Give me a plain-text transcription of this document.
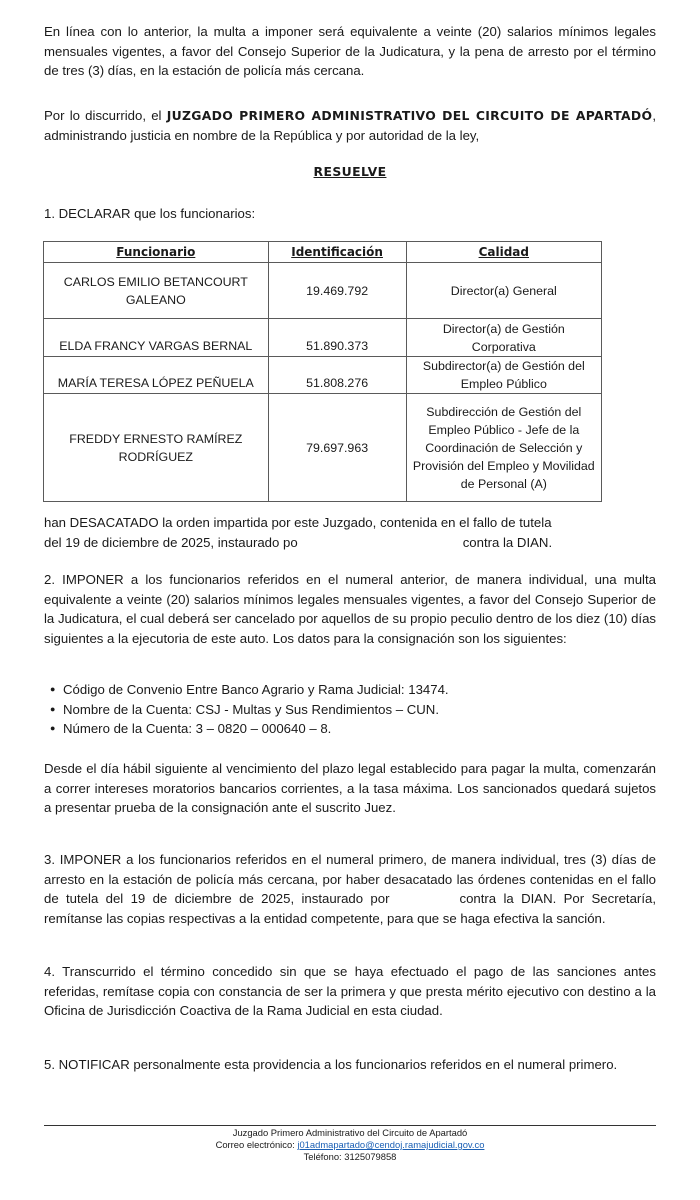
En línea con lo anterior, la multa a imponer será equivalente a veinte (20) salarios mínimos legales mensuales vigentes, a favor del Consejo Superior de la Judicatura, y la pena de arresto por el término de tres (3) días, en la estación de policía más cercana.

Por lo discurrido, el JUZGADO PRIMERO ADMINISTRATIVO DEL CIRCUITO DE APARTADÓ, administrando justicia en nombre de la República y por autoridad de la ley,

RESUELVE

1. DECLARAR que los funcionarios:

Funcionario	Identificación	Calidad
CARLOS EMILIO BETANCOURT GALEANO	19.469.792	Director(a) General
ELDA FRANCY VARGAS BERNAL	51.890.373	Director(a) de Gestión Corporativa
MARÍA TERESA LÓPEZ PEÑUELA	51.808.276	Subdirector(a) de Gestión del Empleo Público
FREDDY ERNESTO RAMÍREZ RODRÍGUEZ	79.697.963	Subdirección de Gestión del Empleo Público - Jefe de la Coordinación de Selección y Provisión del Empleo y Movilidad de Personal (A)

han DESACATADO la orden impartida por este Juzgado, contenida en el fallo de tutela
del 19 de diciembre de 2025, instaurado po	contra la DIAN.

2. IMPONER a los funcionarios referidos en el numeral anterior, de manera individual, una multa equivalente a veinte (20) salarios mínimos legales mensuales vigentes, a favor del Consejo Superior de la Judicatura, el cual deberá ser cancelado por aquellos de su propio peculio dentro de los diez (10) días siguientes a la ejecutoria de este auto. Los datos para la consignación son los siguientes:

● Código de Convenio Entre Banco Agrario y Rama Judicial: 13474.
● Nombre de la Cuenta: CSJ - Multas y Sus Rendimientos – CUN.
● Número de la Cuenta: 3 – 0820 – 000640 – 8.

Desde el día hábil siguiente al vencimiento del plazo legal establecido para pagar la multa, comenzarán a correr intereses moratorios bancarios corrientes, a la tasa máxima. Los sancionados quedará sujetos a presentar prueba de la consignación ante el suscrito Juez.

3. IMPONER a los funcionarios referidos en el numeral primero, de manera individual, tres (3) días de arresto en la estación de policía más cercana, por haber desacatado las órdenes contenidas en el fallo de tutela del 19 de diciembre de 2025, instaurado por	contra la DIAN. Por Secretaría, remítanse las copias respectivas a la entidad competente, para que se haga efectiva la sanción.

4. Transcurrido el término concedido sin que se haya efectuado el pago de las sanciones antes referidas, remítase copia con constancia de ser la primera y que presta mérito ejecutivo con destino a la Oficina de Jurisdicción Coactiva de la Rama Judicial en esta ciudad.

5. NOTIFICAR personalmente esta providencia a los funcionarios referidos en el numeral primero.

Juzgado Primero Administrativo del Circuito de Apartadó
Correo electrónico: j01admapartado@cendoj.ramajudicial.gov.co
Teléfono: 3125079858
